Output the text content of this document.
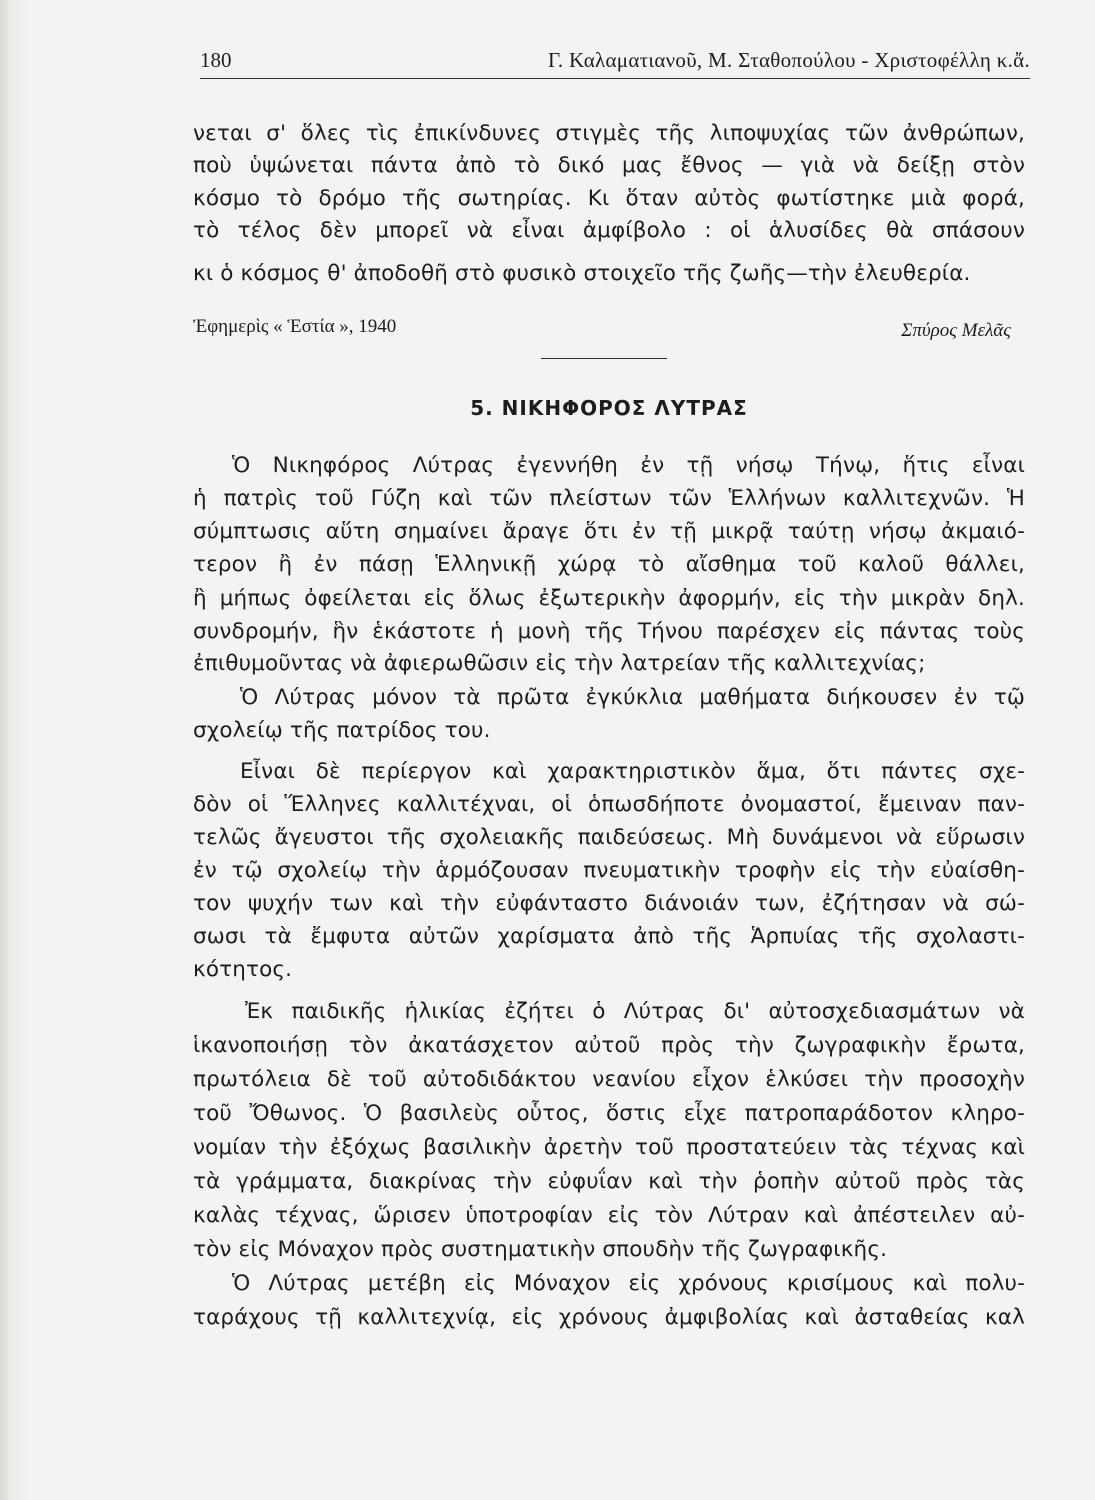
180	Γ. Καλαματιανοῦ, Μ. Σταθοπούλου - Χριστοφέλλη κ.ἄ.
νεται σ' ὅλες τὶς ἐπικίνδυνες στιγμὲς τῆς λιποψυχίας τῶν ἀνθρώπων,
ποὺ ὑψώνεται πάντα ἀπὸ τὸ δικό μας ἔθνος — γιὰ νὰ δείξῃ στὸν
κόσμο τὸ δρόμο τῆς σωτηρίας. Κι ὅταν αὐτὸς φωτίστηκε μιὰ φορά,
τὸ τέλος δὲν μπορεῖ νὰ εἶναι ἀμφίβολο : οἱ ἁλυσίδες θὰ σπάσουν
κι ὁ κόσμος θ' ἀποδοθῆ στὸ φυσικὸ στοιχεῖο τῆς ζωῆς—τὴν ἐλευθερία.
Ἐφημερὶς « Ἑστία », 1940	Σπύρος Μελᾶς
5. ΝΙΚΗΦΟΡΟΣ ΛΥΤΡΑΣ
Ὁ Νικηφόρος Λύτρας ἐγεννήθη ἐν τῇ νήσῳ Τήνῳ, ἥτις εἶναι
ἡ πατρὶς τοῦ Γύζη καὶ τῶν πλείστων τῶν Ἑλλήνων καλλιτεχνῶν. Ἡ
σύμπτωσις αὕτη σημαίνει ἄραγε ὅτι ἐν τῇ μικρᾷ ταύτῃ νήσῳ ἀκμαιό-
τερον ἢ ἐν πάσῃ Ἑλληνικῇ χώρᾳ τὸ αἴσθημα τοῦ καλοῦ θάλλει,
ἢ μήπως ὀφείλεται εἰς ὅλως ἐξωτερικὴν ἀφορμήν, εἰς τὴν μικρὰν δηλ.
συνδρομήν, ἣν ἑκάστοτε ἡ μονὴ τῆς Τήνου παρέσχεν εἰς πάντας τοὺς
ἐπιθυμοῦντας νὰ ἀφιερωθῶσιν εἰς τὴν λατρείαν τῆς καλλιτεχνίας;
Ὁ Λύτρας μόνον τὰ πρῶτα ἐγκύκλια μαθήματα διήκουσεν ἐν τῷ
σχολείῳ τῆς πατρίδος του.
Εἶναι δὲ περίεργον καὶ χαρακτηριστικὸν ἅμα, ὅτι πάντες σχε-
δὸν οἱ Ἕλληνες καλλιτέχναι, οἱ ὁπωσδήποτε ὀνομαστοί, ἔμειναν παν-
τελῶς ἄγευστοι τῆς σχολειακῆς παιδεύσεως. Μὴ δυνάμενοι νὰ εὕρωσιν
ἐν τῷ σχολείῳ τὴν ἁρμόζουσαν πνευματικὴν τροφὴν εἰς τὴν εὐαίσθη-
τον ψυχήν των καὶ τὴν εὐφάνταστο διάνοιάν των, ἐζήτησαν νὰ σώ-
σωσι τὰ ἔμφυτα αὐτῶν χαρίσματα ἀπὸ τῆς Ἁρπυίας τῆς σχολαστι-
κότητος.
Ἐκ παιδικῆς ἡλικίας ἐζήτει ὁ Λύτρας δι' αὐτοσχεδιασμάτων νὰ
ἱκανοποιήσῃ τὸν ἀκατάσχετον αὐτοῦ πρὸς τὴν ζωγραφικὴν ἔρωτα,
πρωτόλεια δὲ τοῦ αὐτοδιδάκτου νεανίου εἶχον ἑλκύσει τὴν προσοχὴν
τοῦ Ὄθωνος. Ὁ βασιλεὺς οὗτος, ὅστις εἶχε πατροπαράδοτον κληρο-
νομίαν τὴν ἐξόχως βασιλικὴν ἀρετὴν τοῦ προστατεύειν τὰς τέχνας καὶ
τὰ γράμματα, διακρίνας τὴν εὐφυΐαν καὶ τὴν ῥοπὴν αὐτοῦ πρὸς τὰς
καλὰς τέχνας, ὥρισεν ὑποτροφίαν εἰς τὸν Λύτραν καὶ ἀπέστειλεν αὐ-
τὸν εἰς Μόναχον πρὸς συστηματικὴν σπουδὴν τῆς ζωγραφικῆς.
Ὁ Λύτρας μετέβη εἰς Μόναχον εἰς χρόνους κρισίμους καὶ πολυ-
ταράχους τῇ καλλιτεχνίᾳ, εἰς χρόνους ἀμφιβολίας καὶ ἀσταθείας καλ
